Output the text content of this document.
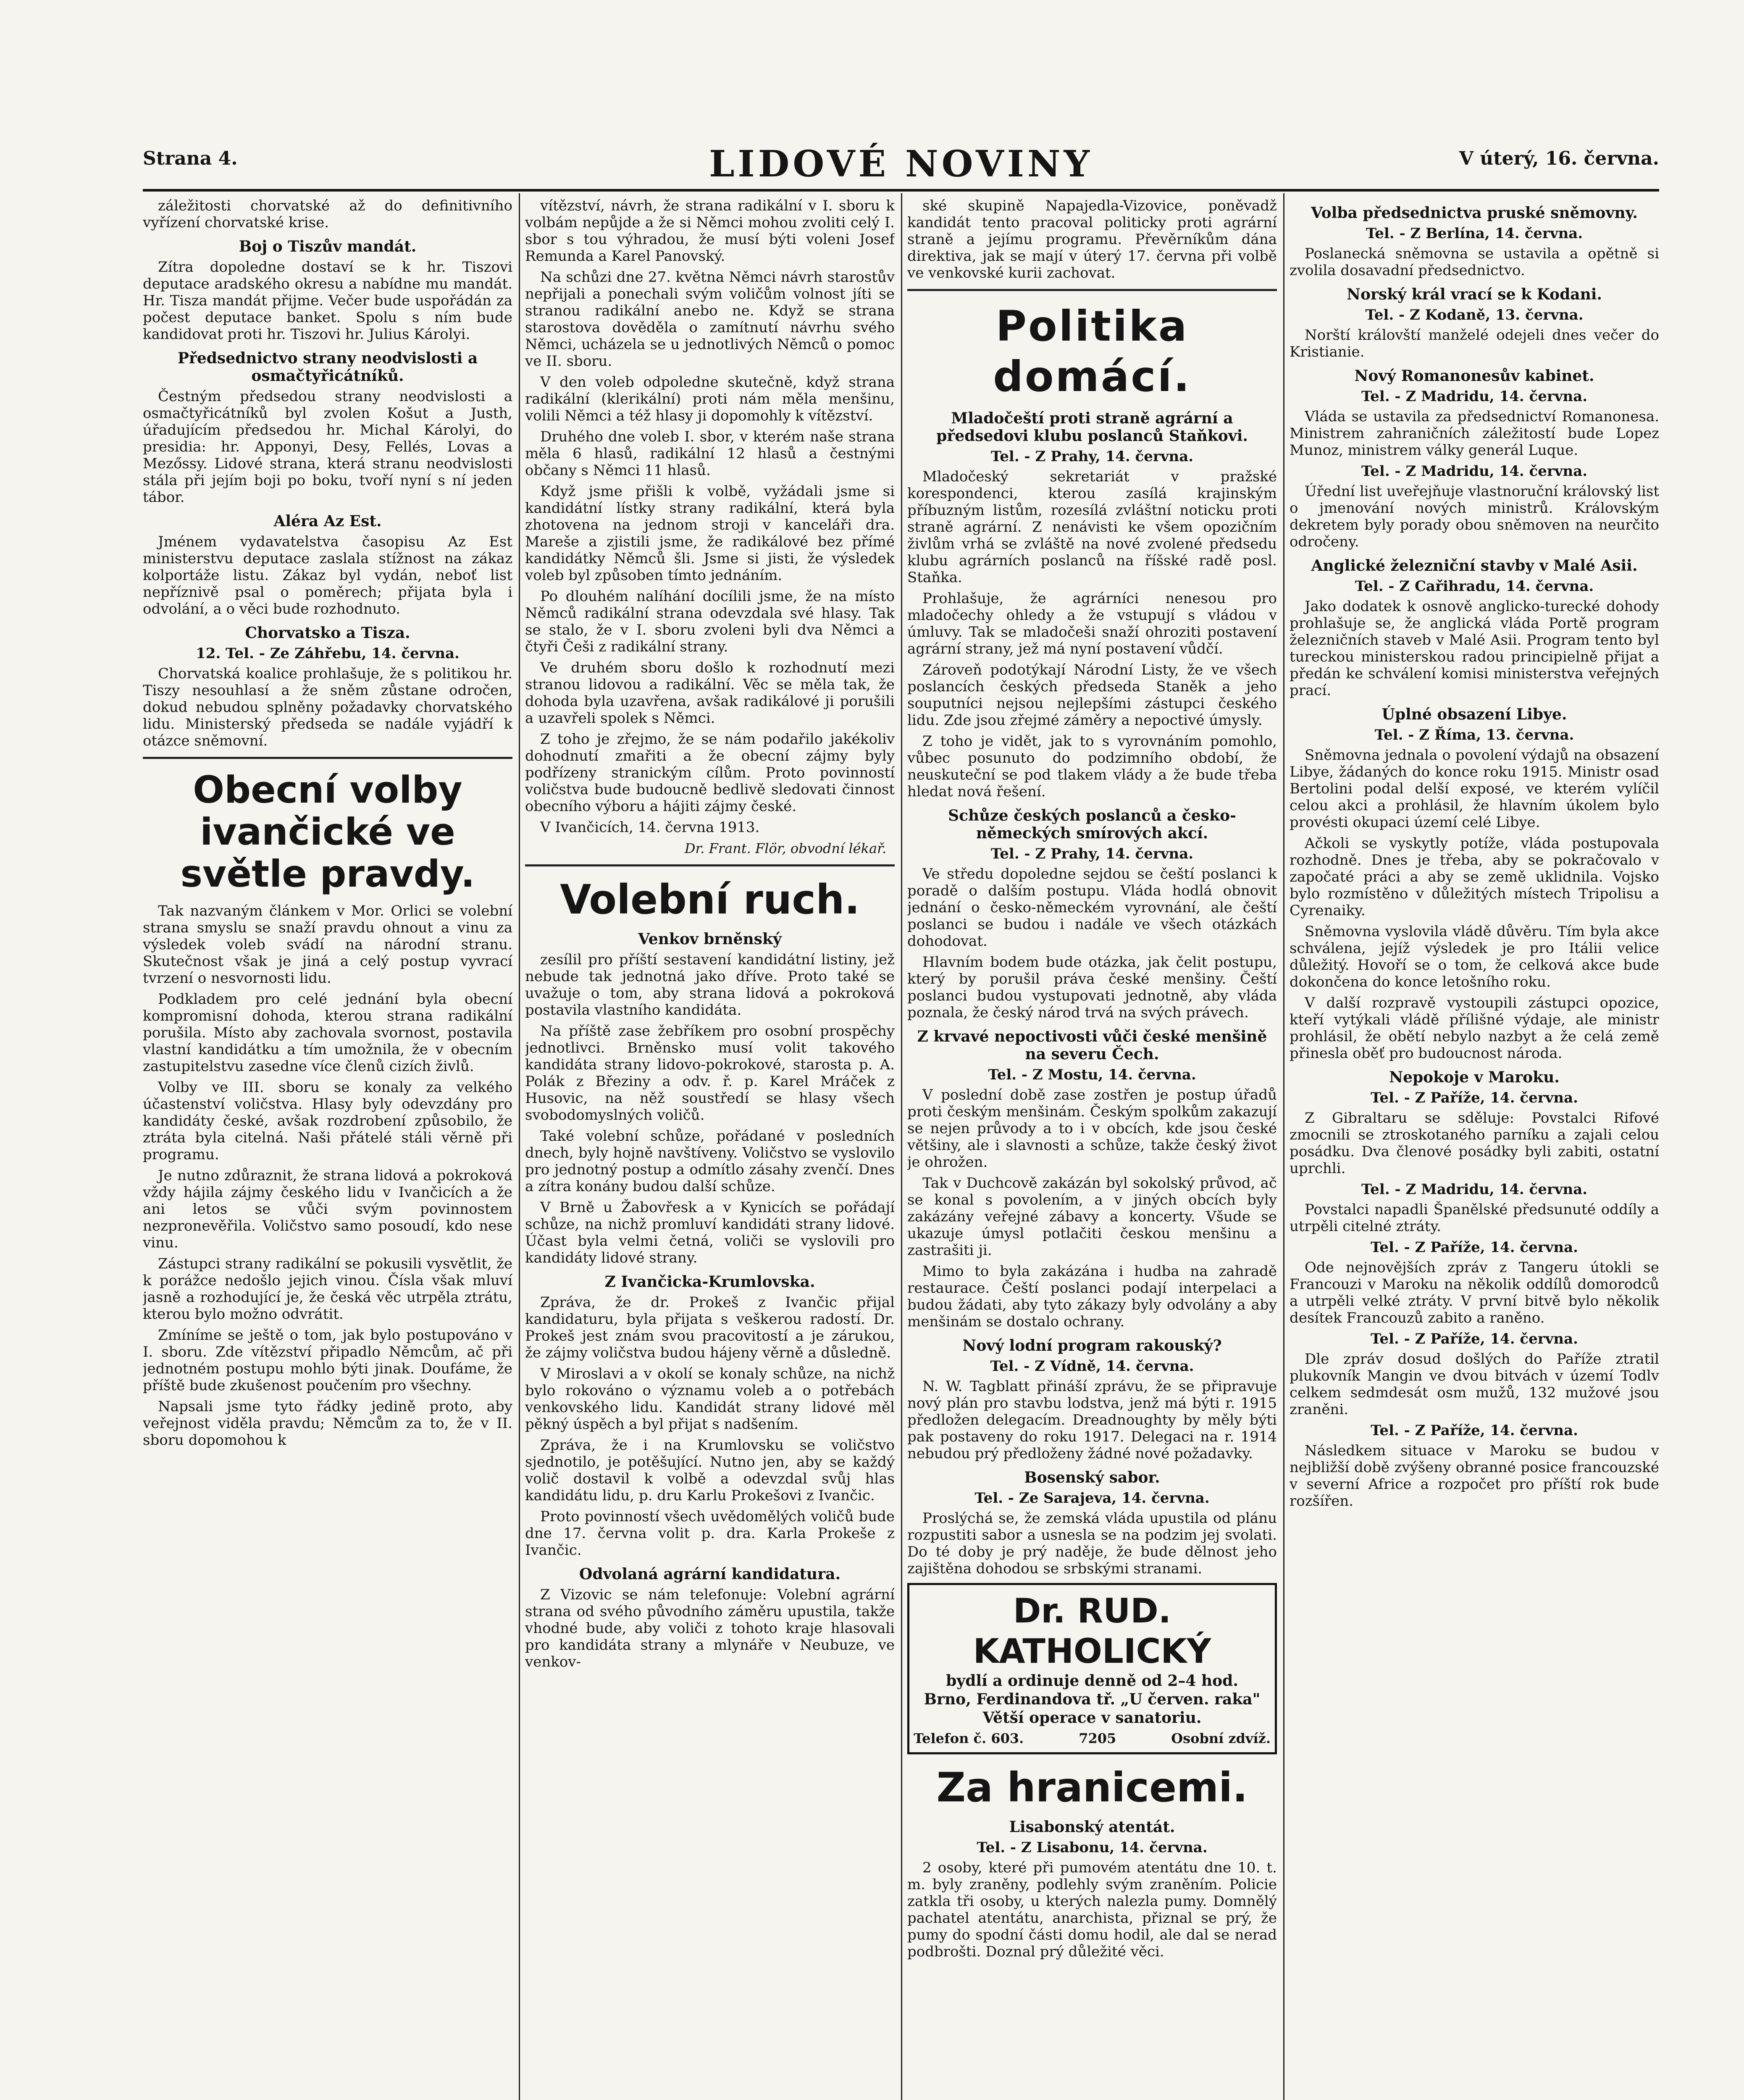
Strana 4.	LIDOVÉ NOVINY	V úterý, 16. června.

záležitosti chorvatské až do definitivního vyřízení chorvatské krise.

Boj o Tiszův mandát.

Zítra dopoledne dostaví se k hr. Tiszovi deputace aradského okresu a nabídne mu mandát. Hr. Tisza mandát přijme. Večer bude uspořádán za počest deputace banket. Spolu s ním bude kandidovat proti hr. Tiszovi hr. Julius Károlyi.

Předsednictvo strany neodvislosti a osmačtyřicátníků.

Čestným předsedou strany neodvislosti a osmačtyřicátníků byl zvolen Košut a Justh, úřadujícím předsedou hr. Michal Károlyi, do presidia: hr. Apponyi, Desy, Fellés, Lovas a Mezőssy. Lidové strana, která stranu neodvislosti stála při jejím boji po boku, tvoří nyní s ní jeden tábor.

Aléra Az Est.

Jménem vydavatelstva časopisu Az Est ministerstvu deputace zaslala stížnost na zákaz kolportáže listu. Zákaz byl vydán, neboť list nepříznivě psal o poměrech; přijata byla i odvolání, a o věci bude rozhodnuto.

Chorvatsko a Tisza.
12. Tel. - Ze Záhřebu, 14. června.

Chorvatská koalice prohlašuje, že s politikou hr. Tiszy nesouhlasí a že sněm zůstane odročen, dokud nebudou splněny požadavky chorvatského lidu. Ministerský předseda se nadále vyjádří k otázce sněmovní.

Obecní volby ivančické ve světle pravdy.

Tak nazvaným článkem v Mor. Orlici se volební strana smyslu se snaží pravdu ohnout a vinu za výsledek voleb svádí na národní stranu. Skutečnost však je jiná a celý postup vyvrací tvrzení o nesvornosti lidu.

Podkladem pro celé jednání byla obecní kompromisní dohoda, kterou strana radikální porušila. Místo aby zachovala svornost, postavila vlastní kandidátku a tím umožnila, že v obecním zastupitelstvu zasedne více členů cizích živlů.

Volby ve III. sboru se konaly za velkého účastenství voličstva. Hlasy byly odevzdány pro kandidáty české, avšak rozdrobení způsobilo, že ztráta byla citelná. Naši přátelé stáli věrně při programu.

Je nutno zdůraznit, že strana lidová a pokroková vždy hájila zájmy českého lidu v Ivančicích a že ani letos se vůči svým povinnostem nezpronevěřila. Voličstvo samo posoudí, kdo nese vinu.

Zástupci strany radikální se pokusili vysvětlit, že k porážce nedošlo jejich vinou. Čísla však mluví jasně a rozhodující je, že česká věc utrpěla ztrátu, kterou bylo možno odvrátit.

Zmíníme se ještě o tom, jak bylo postupováno v I. sboru. Zde vítězství připadlo Němcům, ač při jednotném postupu mohlo býti jinak. Doufáme, že příště bude zkušenost poučením pro všechny.

Napsali jsme tyto řádky jedině proto, aby veřejnost viděla pravdu; Němcům za to, že v II. sboru dopomohou k

vítězství, návrh, že strana radikální v I. sboru k volbám nepůjde a že si Němci mohou zvoliti celý I. sbor s tou výhradou, že musí býti voleni Josef Remunda a Karel Panovský.

Na schůzi dne 27. května Němci návrh starostův nepřijali a ponechali svým voličům volnost jíti se stranou radikální anebo ne. Když se strana starostova dověděla o zamítnutí návrhu svého Němci, ucházela se u jednotlivých Němců o pomoc ve II. sboru.

V den voleb odpoledne skutečně, když strana radikální (klerikální) proti nám měla menšinu, volili Němci a též hlasy ji dopomohly k vítězství.

Druhého dne voleb I. sbor, v kterém naše strana měla 6 hlasů, radikální 12 hlasů a čestnými občany s Němci 11 hlasů.

Když jsme přišli k volbě, vyžádali jsme si kandidátní lístky strany radikální, která byla zhotovena na jednom stroji v kanceláři dra. Mareše a zjistili jsme, že radikálové bez přímé kandidátky Němců šli. Jsme si jisti, že výsledek voleb byl způsoben tímto jednáním.

Po dlouhém nalíhání docílili jsme, že na místo Němců radikální strana odevzdala své hlasy. Tak se stalo, že v I. sboru zvoleni byli dva Němci a čtyři Češi z radikální strany.

Ve druhém sboru došlo k rozhodnutí mezi stranou lidovou a radikální. Věc se měla tak, že dohoda byla uzavřena, avšak radikálové ji porušili a uzavřeli spolek s Němci.

Z toho je zřejmo, že se nám podařilo jakékoliv dohodnutí zmařiti a že obecní zájmy byly podřízeny stranickým cílům. Proto povinností voličstva bude budoucně bedlivě sledovati činnost obecního výboru a hájiti zájmy české.

V Ivančicích, 14. června 1913.

Dr. Frant. Flör, obvodní lékař.
Volební ruch.
Venkov brněnský

zesílil pro příští sestavení kandidátní listiny, jež nebude tak jednotná jako dříve. Proto také se uvažuje o tom, aby strana lidová a pokroková postavila vlastního kandidáta.

Na příště zase žebříkem pro osobní prospěchy jednotlivci. Brněnsko musí volit takového kandidáta strany lidovo-pokrokové, starosta p. A. Polák z Březiny a odv. ř. p. Karel Mráček z Husovic, na něž soustředí se hlasy všech svobodomyslných voličů.

Také volební schůze, pořádané v posledních dnech, byly hojně navštíveny. Voličstvo se vyslovilo pro jednotný postup a odmítlo zásahy zvenčí. Dnes a zítra konány budou další schůze.

V Brně u Žabovřesk a v Kynicích se pořádají schůze, na nichž promluví kandidáti strany lidové. Účast byla velmi četná, voliči se vyslovili pro kandidáty lidové strany.

Z Ivančicka-Krumlovska.

Zpráva, že dr. Prokeš z Ivančic přijal kandidaturu, byla přijata s veškerou radostí. Dr. Prokeš jest znám svou pracovitostí a je zárukou, že zájmy voličstva budou hájeny věrně a důsledně.

V Miroslavi a v okolí se konaly schůze, na nichž bylo rokováno o významu voleb a o potřebách venkovského lidu. Kandidát strany lidové měl pěkný úspěch a byl přijat s nadšením.

Zpráva, že i na Krumlovsku se voličstvo sjednotilo, je potěšující. Nutno jen, aby se každý volič dostavil k volbě a odevzdal svůj hlas kandidátu lidu, p. dru Karlu Prokešovi z Ivančic.

Proto povinností všech uvědomělých voličů bude dne 17. června volit p. dra. Karla Prokeše z Ivančic.

Odvolaná agrární kandidatura.

Z Vizovic se nám telefonuje: Volební agrární strana od svého původního záměru upustila, takže vhodné bude, aby voliči z tohoto kraje hlasovali pro kandidáta strany a mlynáře v Neubuze, ve venkov-

ské skupině Napajedla-Vizovice, poněvadž kandidát tento pracoval politicky proti agrární straně a jejímu programu. Převěrníkům dána direktiva, jak se mají v úterý 17. června při volbě ve venkovské kurii zachovat.

Politika domácí.
Mladočeští proti straně agrární a předsedovi klubu poslanců Staňkovi.
Tel. - Z Prahy, 14. června.

Mladočeský sekretariát v pražské korespondenci, kterou zasílá krajinským příbuzným listům, rozesílá zvláštní noticku proti straně agrární. Z nenávisti ke všem opozičním živlům vrhá se zvláště na nové zvolené předsedu klubu agrárních poslanců na říšské radě posl. Staňka.

Prohlašuje, že agrárníci nenesou pro mladočechy ohledy a že vstupují s vládou v úmluvy. Tak se mladočeši snaží ohroziti postavení agrární strany, jež má nyní postavení vůdčí.

Zároveň podotýkají Národní Listy, že ve všech poslancích českých předseda Staněk a jeho souputníci nejsou nejlepšími zástupci českého lidu. Zde jsou zřejmé záměry a nepoctivé úmysly.

Z toho je vidět, jak to s vyrovnáním pomohlo, vůbec posunuto do podzimního období, že neuskuteční se pod tlakem vlády a že bude třeba hledat nová řešení.

Schůze českých poslanců a česko-německých smírových akcí.
Tel. - Z Prahy, 14. června.

Ve středu dopoledne sejdou se čeští poslanci k poradě o dalším postupu. Vláda hodlá obnovit jednání o česko-německém vyrovnání, ale čeští poslanci se budou i nadále ve všech otázkách dohodovat.

Hlavním bodem bude otázka, jak čelit postupu, který by porušil práva české menšiny. Čeští poslanci budou vystupovati jednotně, aby vláda poznala, že český národ trvá na svých právech.

Z krvavé nepoctivosti vůči české menšině na severu Čech.
Tel. - Z Mostu, 14. června.

V poslední době zase zostřen je postup úřadů proti českým menšinám. Českým spolkům zakazují se nejen průvody a to i v obcích, kde jsou české většiny, ale i slavnosti a schůze, takže český život je ohrožen.

Tak v Duchcově zakázán byl sokolský průvod, ač se konal s povolením, a v jiných obcích byly zakázány veřejné zábavy a koncerty. Všude se ukazuje úmysl potlačiti českou menšinu a zastrašiti ji.

Mimo to byla zakázána i hudba na zahradě restaurace. Čeští poslanci podají interpelaci a budou žádati, aby tyto zákazy byly odvolány a aby menšinám se dostalo ochrany.

Nový lodní program rakouský?
Tel. - Z Vídně, 14. června.

N. W. Tagblatt přináší zprávu, že se připravuje nový plán pro stavbu lodstva, jenž má býti r. 1915 předložen delegacím. Dreadnoughty by měly býti pak postaveny do roku 1917. Delegaci na r. 1914 nebudou prý předloženy žádné nové požadavky.

Bosenský sabor.
Tel. - Ze Sarajeva, 14. června.

Proslýchá se, že zemská vláda upustila od plánu rozpustiti sabor a usnesla se na podzim jej svolati. Do té doby je prý naděje, že bude dělnost jeho zajištěna dohodou se srbskými stranami.

Dr. RUD. KATHOLICKÝ
bydlí a ordinuje denně od 2–4 hod.
Brno, Ferdinandova tř. „U červen. raka"
Větší operace v sanatoriu.
Telefon č. 603.	7205	Osobní zdvíž.
Za hranicemi.
Lisabonský atentát.
Tel. - Z Lisabonu, 14. června.

2 osoby, které při pumovém atentátu dne 10. t. m. byly zraněny, podlehly svým zraněním. Policie zatkla tři osoby, u kterých nalezla pumy. Domnělý pachatel atentátu, anarchista, přiznal se prý, že pumy do spodní části domu hodil, ale dal se nerad podbrošti. Doznal prý důležité věci.

Volba předsednictva pruské sněmovny.
Tel. - Z Berlína, 14. června.

Poslanecká sněmovna se ustavila a opětně si zvolila dosavadní předsednictvo.

Norský král vrací se k Kodani.
Tel. - Z Kodaně, 13. června.

Norští královští manželé odejeli dnes večer do Kristianie.

Nový Romanonesův kabinet.
Tel. - Z Madridu, 14. června.

Vláda se ustavila za předsednictví Romanonesa. Ministrem zahraničních záležitostí bude Lopez Munoz, ministrem války generál Luque.

Tel. - Z Madridu, 14. června.

Úřední list uveřejňuje vlastnoruční královský list o jmenování nových ministrů. Královským dekretem byly porady obou sněmoven na neurčito odročeny.

Anglické železniční stavby v Malé Asii.
Tel. - Z Cařihradu, 14. června.

Jako dodatek k osnově anglicko-turecké dohody prohlašuje se, že anglická vláda Portě program železničních staveb v Malé Asii. Program tento byl tureckou ministerskou radou principielně přijat a předán ke schválení komisi ministerstva veřejných prací.

Úplné obsazení Libye.
Tel. - Z Říma, 13. června.

Sněmovna jednala o povolení výdajů na obsazení Libye, žádaných do konce roku 1915. Ministr osad Bertolini podal delší exposé, ve kterém vylíčil celou akci a prohlásil, že hlavním úkolem bylo provésti okupaci území celé Libye.

Ačkoli se vyskytly potíže, vláda postupovala rozhodně. Dnes je třeba, aby se pokračovalo v započaté práci a aby se země uklidnila. Vojsko bylo rozmístěno v důležitých místech Tripolisu a Cyrenaiky.

Sněmovna vyslovila vládě důvěru. Tím byla akce schválena, jejíž výsledek je pro Itálii velice důležitý. Hovoří se o tom, že celková akce bude dokončena do konce letošního roku.

V další rozpravě vystoupili zástupci opozice, kteří vytýkali vládě přílišné výdaje, ale ministr prohlásil, že obětí nebylo nazbyt a že celá země přinesla oběť pro budoucnost národa.

Nepokoje v Maroku.
Tel. - Z Paříže, 14. června.

Z Gibraltaru se sděluje: Povstalci Rifové zmocnili se ztroskotaného parníku a zajali celou posádku. Dva členové posádky byli zabiti, ostatní uprchli.

Tel. - Z Madridu, 14. června.

Povstalci napadli Španělské předsunuté oddíly a utrpěli citelné ztráty.

Tel. - Z Paříže, 14. června.

Ode nejnovějších zpráv z Tangeru útokli se Francouzi v Maroku na několik oddílů domorodců a utrpěli velké ztráty. V první bitvě bylo několik desítek Francouzů zabito a raněno.

Tel. - Z Paříže, 14. června.

Dle zpráv dosud došlých do Paříže ztratil plukovník Mangin ve dvou bitvách v území Todlv celkem sedmdesát osm mužů, 132 mužové jsou zraněni.

Tel. - Z Paříže, 14. června.

Následkem situace v Maroku se budou v nejbližší době zvýšeny obranné posice francouzské v severní Africe a rozpočet pro příští rok bude rozšířen.
